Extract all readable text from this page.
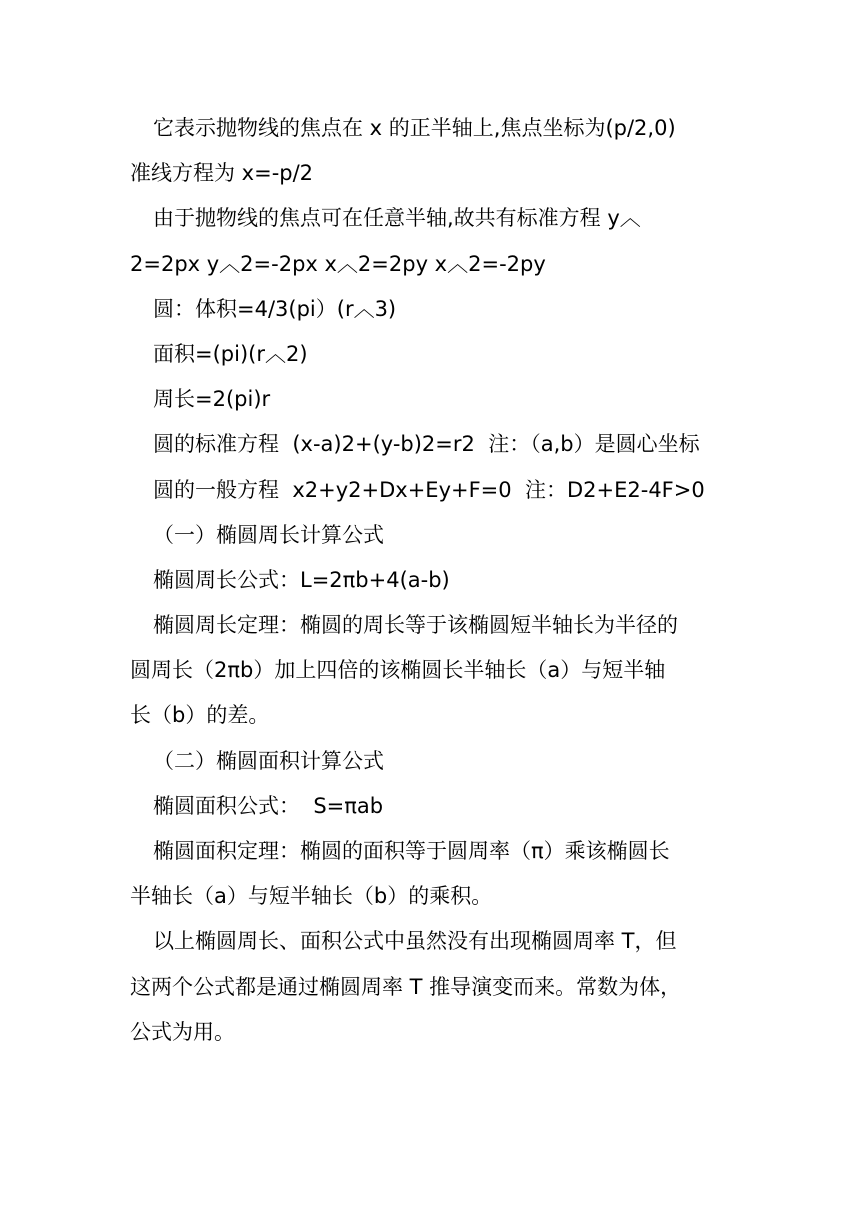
它表示抛物线的焦点在 x 的正半轴上,焦点坐标为(p/2,0)
准线方程为 x=-p/2
由于抛物线的焦点可在任意半轴,故共有标准方程 y︿
2=2px y︿2=-2px x︿2=2py x︿2=-2py
圆：体积=4/3(pi）(r︿3)
面积=(pi)(r︿2)
周长=2(pi)r
圆的标准方程  (x-a)2+(y-b)2=r2  注：（a,b）是圆心坐标
圆的一般方程  x2+y2+Dx+Ey+F=0  注：D2+E2-4F>0
（一）椭圆周长计算公式
椭圆周长公式：L=2πb+4(a-b)
椭圆周长定理：椭圆的周长等于该椭圆短半轴长为半径的
圆周长（2πb）加上四倍的该椭圆长半轴长（a）与短半轴
长（b）的差。
（二）椭圆面积计算公式
椭圆面积公式：  S=πab
椭圆面积定理：椭圆的面积等于圆周率（π）乘该椭圆长
半轴长（a）与短半轴长（b）的乘积。
以上椭圆周长、面积公式中虽然没有出现椭圆周率 T，但
这两个公式都是通过椭圆周率 T 推导演变而来。常数为体，
公式为用。
